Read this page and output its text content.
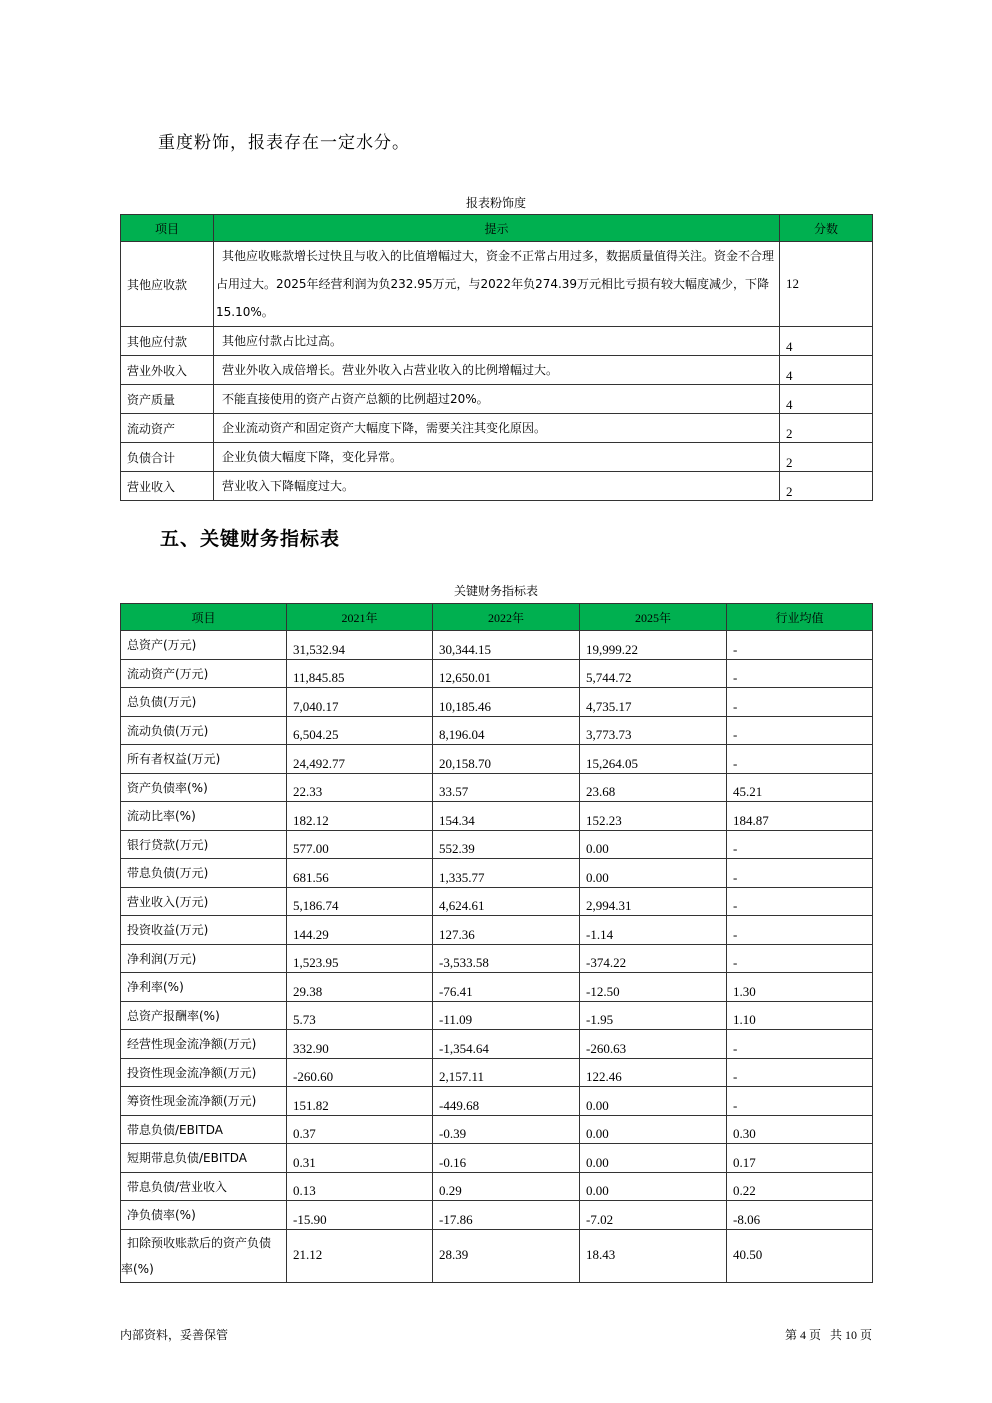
重度粉饰，报表存在一定水分。
报表粉饰度
项目	提示	分数
其他应收款	其他应收账款增长过快且与收入的比值增幅过大，资金不正常占用过多，数据质量值得关注。资金不合理占用过大。2025年经营利润为负232.95万元，与2022年负274.39万元相比亏损有较大幅度减少，下降15.10%。	12
其他应付款	其他应付款占比过高。	4
营业外收入	营业外收入成倍增长。营业外收入占营业收入的比例增幅过大。	4
资产质量	不能直接使用的资产占资产总额的比例超过20%。	4
流动资产	企业流动资产和固定资产大幅度下降，需要关注其变化原因。	2
负债合计	企业负债大幅度下降，变化异常。	2
营业收入	营业收入下降幅度过大。	2
五、关键财务指标表
关键财务指标表
项目	2021年	2022年	2025年	行业均值
总资产(万元)	31,532.94	30,344.15	19,999.22	-
流动资产(万元)	11,845.85	12,650.01	5,744.72	-
总负债(万元)	7,040.17	10,185.46	4,735.17	-
流动负债(万元)	6,504.25	8,196.04	3,773.73	-
所有者权益(万元)	24,492.77	20,158.70	15,264.05	-
资产负债率(%)	22.33	33.57	23.68	45.21
流动比率(%)	182.12	154.34	152.23	184.87
银行贷款(万元)	577.00	552.39	0.00	-
带息负债(万元)	681.56	1,335.77	0.00	-
营业收入(万元)	5,186.74	4,624.61	2,994.31	-
投资收益(万元)	144.29	127.36	-1.14	-
净利润(万元)	1,523.95	-3,533.58	-374.22	-
净利率(%)	29.38	-76.41	-12.50	1.30
总资产报酬率(%)	5.73	-11.09	-1.95	1.10
经营性现金流净额(万元)	332.90	-1,354.64	-260.63	-
投资性现金流净额(万元)	-260.60	2,157.11	122.46	-
筹资性现金流净额(万元)	151.82	-449.68	0.00	-
带息负债/EBITDA	0.37	-0.39	0.00	0.30
短期带息负债/EBITDA	0.31	-0.16	0.00	0.17
带息负债/营业收入	0.13	0.29	0.00	0.22
净负债率(%)	-15.90	-17.86	-7.02	-8.06

扣除预收账款后的资产负债率(%)	21.12	28.39	18.43	40.50
内部资料，妥善保管	第 4 页   共 10 页
